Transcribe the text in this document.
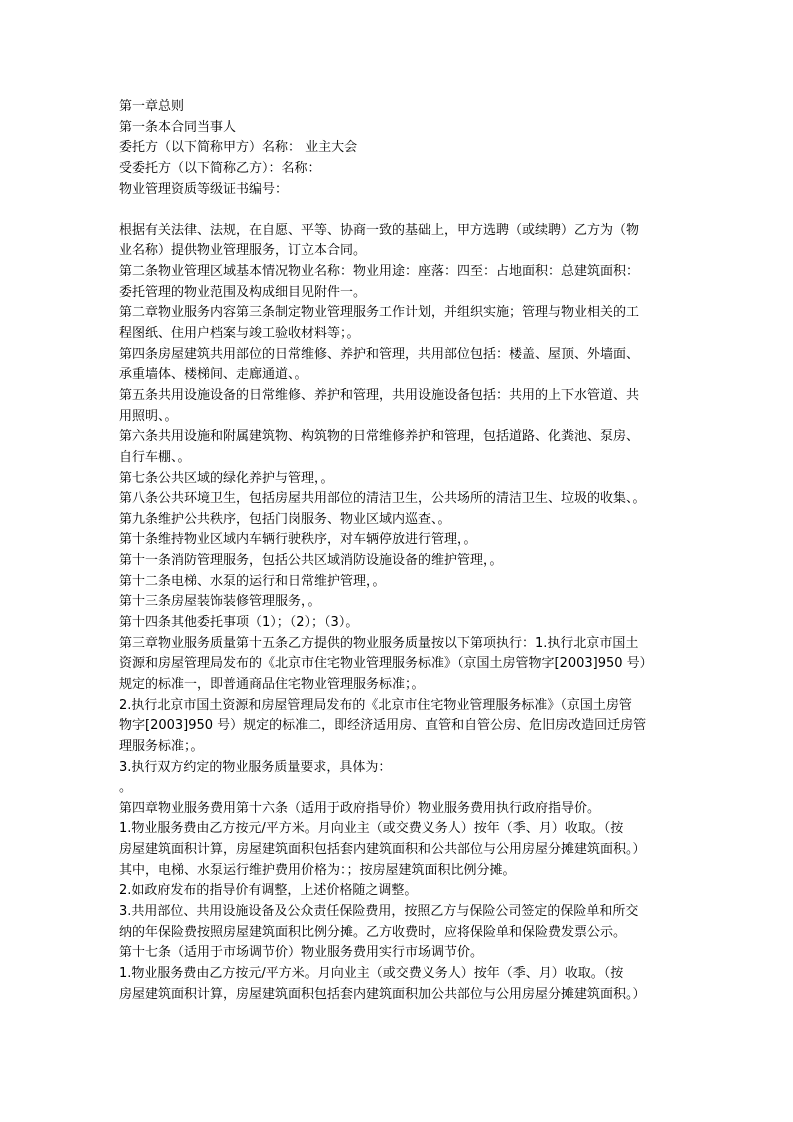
第一章总则
第一条本合同当事人
委托方（以下简称甲方）名称： 业主大会
受委托方（以下简称乙方）：名称：
物业管理资质等级证书编号：
根据有关法律、法规，在自愿、平等、协商一致的基础上，甲方选聘（或续聘）乙方为（物
业名称）提供物业管理服务，订立本合同。
第二条物业管理区域基本情况物业名称：物业用途：座落：四至：占地面积：总建筑面积：
委托管理的物业范围及构成细目见附件一。
第二章物业服务内容第三条制定物业管理服务工作计划，并组织实施；管理与物业相关的工
程图纸、住用户档案与竣工验收材料等；。
第四条房屋建筑共用部位的日常维修、养护和管理，共用部位包括：楼盖、屋顶、外墙面、
承重墙体、楼梯间、走廊通道、。
第五条共用设施设备的日常维修、养护和管理，共用设施设备包括：共用的上下水管道、共
用照明、。
第六条共用设施和附属建筑物、构筑物的日常维修养护和管理，包括道路、化粪池、泵房、
自行车棚、。
第七条公共区域的绿化养护与管理，。
第八条公共环境卫生，包括房屋共用部位的清洁卫生，公共场所的清洁卫生、垃圾的收集、。
第九条维护公共秩序，包括门岗服务、物业区域内巡查、。
第十条维持物业区域内车辆行驶秩序，对车辆停放进行管理，。
第十一条消防管理服务，包括公共区域消防设施设备的维护管理，。
第十二条电梯、水泵的运行和日常维护管理，。
第十三条房屋装饰装修管理服务，。
第十四条其他委托事项（1）；（2）；（3）。
第三章物业服务质量第十五条乙方提供的物业服务质量按以下第项执行：1.执行北京市国土
资源和房屋管理局发布的《北京市住宅物业管理服务标准》（京国土房管物字[2003]950 号）
规定的标准一，即普通商品住宅物业管理服务标准；。
2.执行北京市国土资源和房屋管理局发布的《北京市住宅物业管理服务标准》（京国土房管
物字[2003]950 号）规定的标准二，即经济适用房、直管和自管公房、危旧房改造回迁房管
理服务标准；。
3.执行双方约定的物业服务质量要求，具体为：
。
第四章物业服务费用第十六条（适用于政府指导价）物业服务费用执行政府指导价。
1.物业服务费由乙方按元/平方米。月向业主（或交费义务人）按年（季、月）收取。（按
房屋建筑面积计算，房屋建筑面积包括套内建筑面积和公共部位与公用房屋分摊建筑面积。）
其中，电梯、水泵运行维护费用价格为：；按房屋建筑面积比例分摊。
2.如政府发布的指导价有调整，上述价格随之调整。
3.共用部位、共用设施设备及公众责任保险费用，按照乙方与保险公司签定的保险单和所交
纳的年保险费按照房屋建筑面积比例分摊。乙方收费时，应将保险单和保险费发票公示。
第十七条（适用于市场调节价）物业服务费用实行市场调节价。
1.物业服务费由乙方按元/平方米。月向业主（或交费义务人）按年（季、月）收取。（按
房屋建筑面积计算，房屋建筑面积包括套内建筑面积加公共部位与公用房屋分摊建筑面积。）
